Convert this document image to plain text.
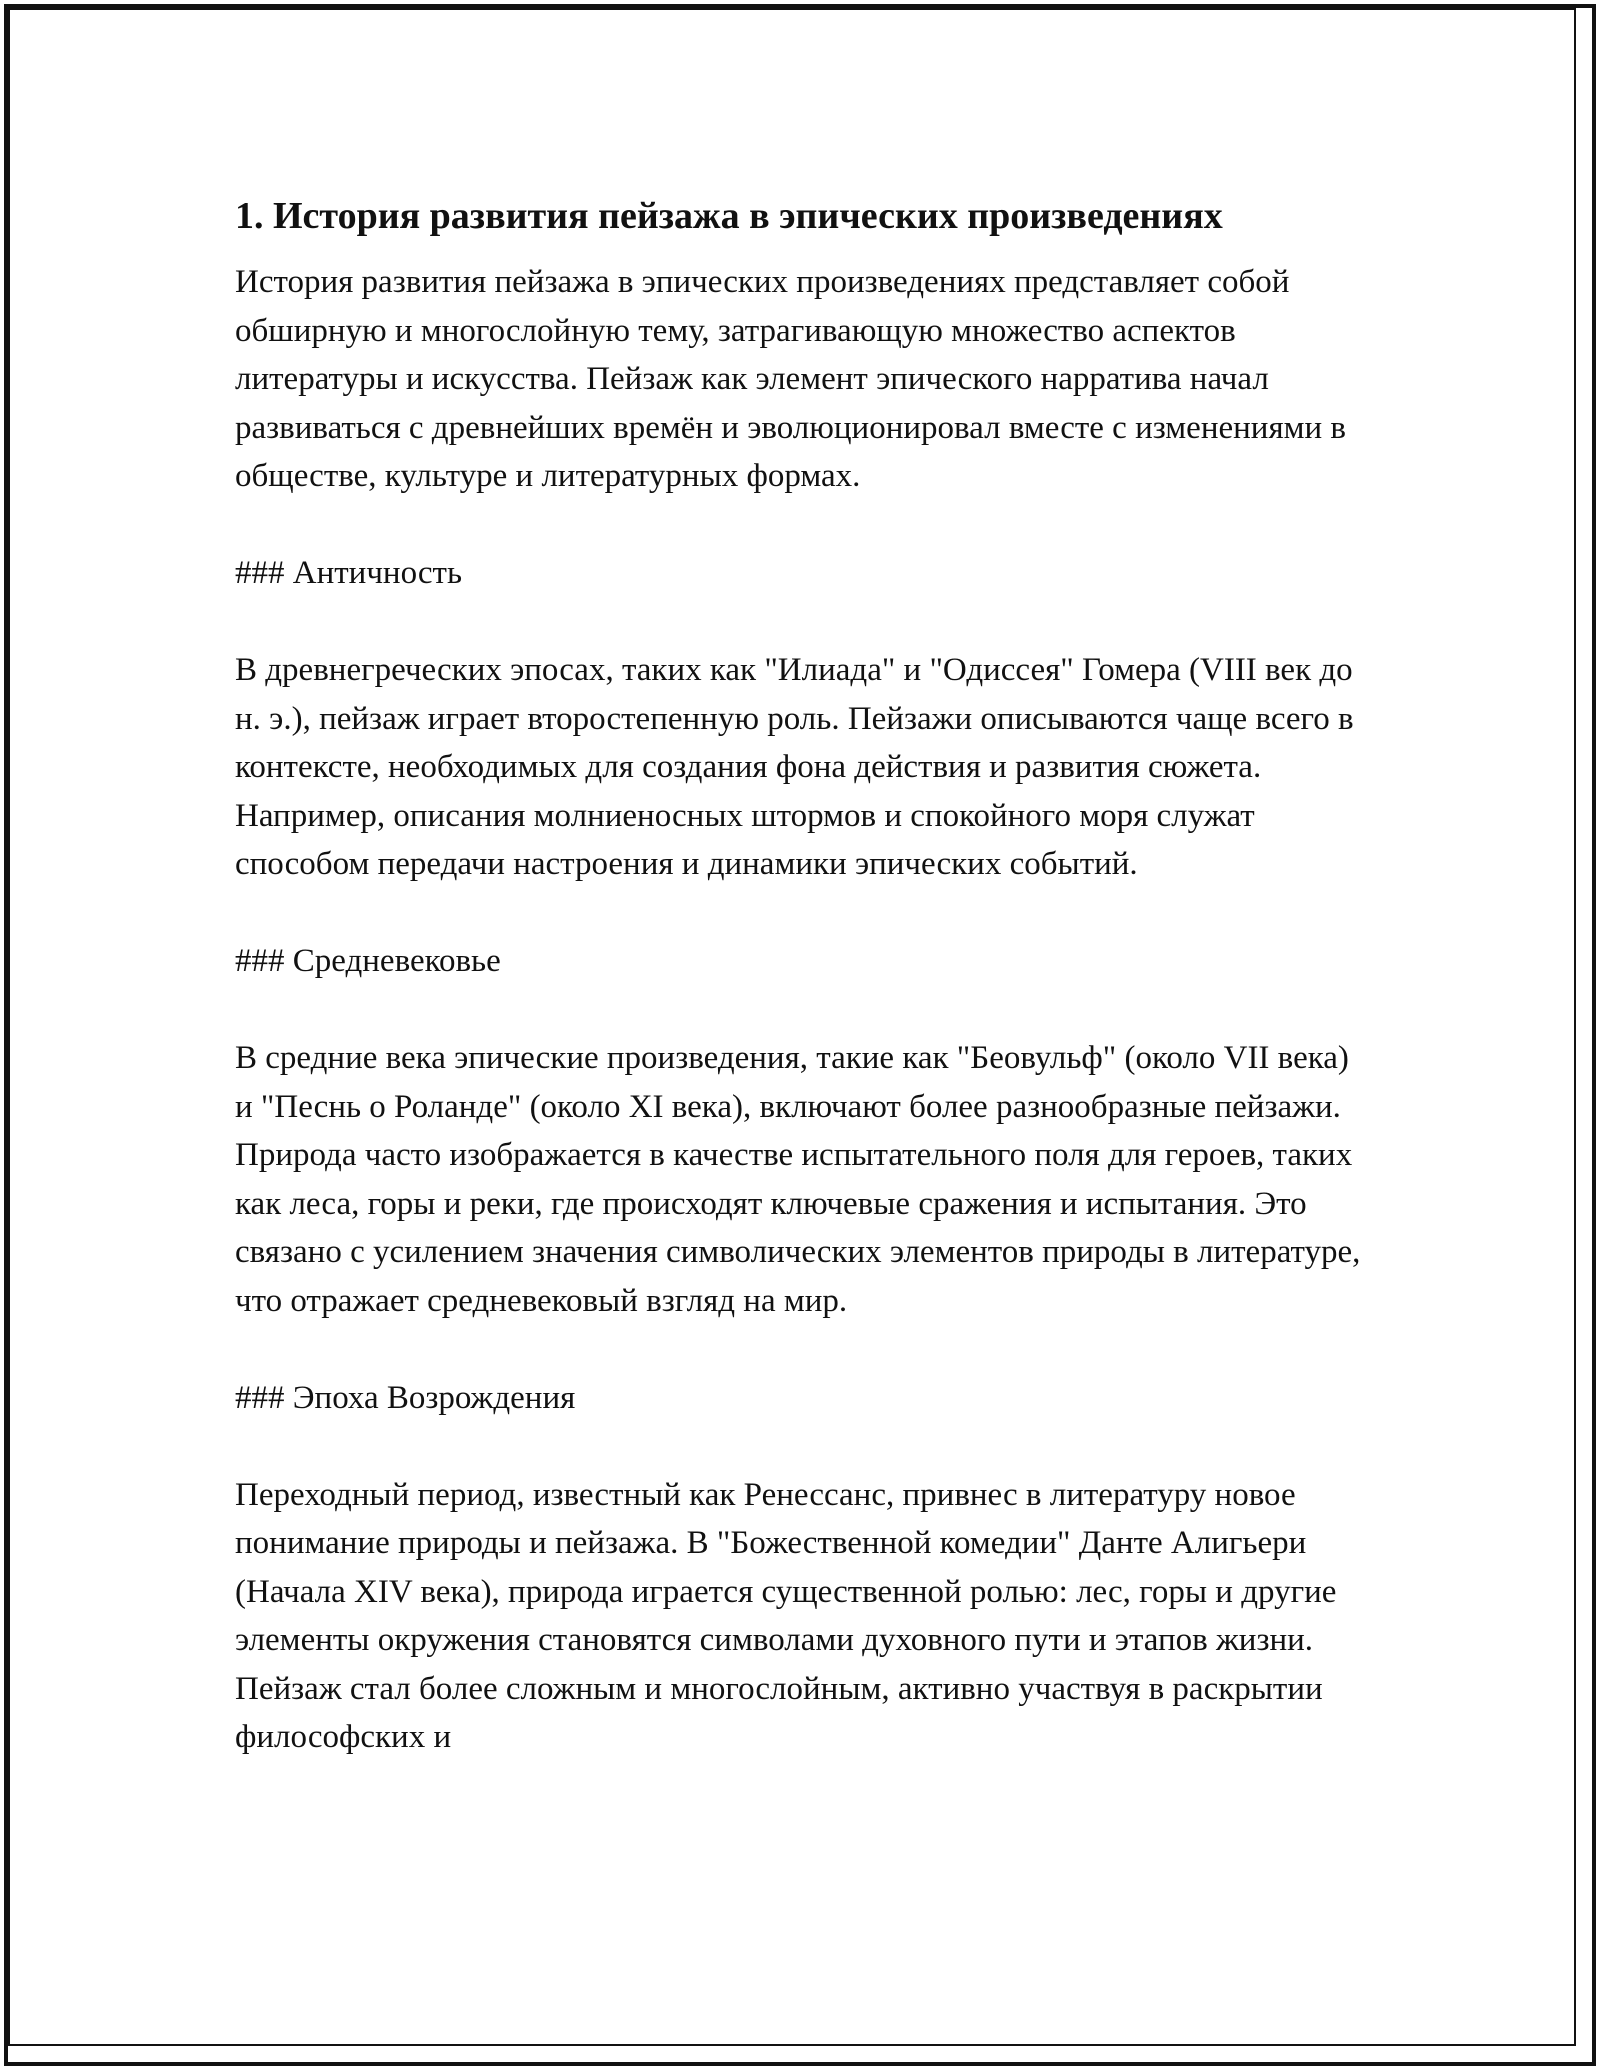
1. История развития пейзажа в эпических произведениях

История развития пейзажа в эпических произведениях представляет собой обширную и многослойную тему, затрагивающую множество аспектов литературы и искусства. Пейзаж как элемент эпического нарратива начал развиваться с древнейших времён и эволюционировал вместе с изменениями в обществе, культуре и литературных формах.

### Античность

В древнегреческих эпосах, таких как "Илиада" и "Одиссея" Гомера (VIII век до н. э.), пейзаж играет второстепенную роль. Пейзажи описываются чаще всего в контексте, необходимых для создания фона действия и развития сюжета. Например, описания молниеносных штормов и спокойного моря служат способом передачи настроения и динамики эпических событий.

### Средневековье

В средние века эпические произведения, такие как "Беовульф" (около VII века) и "Песнь о Роланде" (около XI века), включают более разнообразные пейзажи. Природа часто изображается в качестве испытательного поля для героев, таких как леса, горы и реки, где происходят ключевые сражения и испытания. Это связано с усилением значения символических элементов природы в литературе, что отражает средневековый взгляд на мир.

### Эпоха Возрождения

Переходный период, известный как Ренессанс, привнес в литературу новое понимание природы и пейзажа. В "Божественной комедии" Данте Алигьери (Начала XIV века), природа играется существенной ролью: лес, горы и другие элементы окружения становятся символами духовного пути и этапов жизни. Пейзаж стал более сложным и многослойным, активно участвуя в раскрытии философских и
